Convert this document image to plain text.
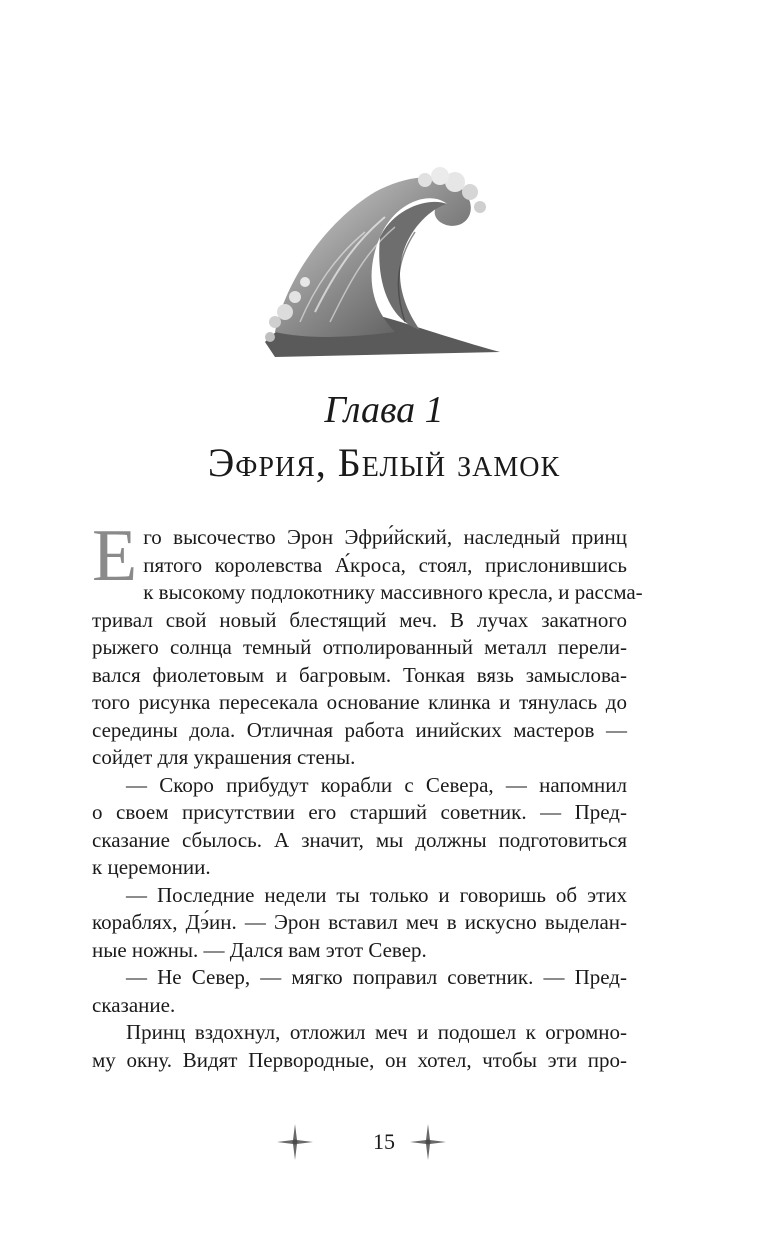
Глава 1
Эфрия, Белый замок
Е го высочество Эрон Эфри́йский, наследный принц
пятого королевства А́кроса, стоял, прислонившись
к высокому подлокотнику массивного кресла, и рассма-
тривал свой новый блестящий меч. В лучах закатного
рыжего солнца темный отполированный металл перели-
вался фиолетовым и багровым. Тонкая вязь замыслова-
того рисунка пересекала основание клинка и тянулась до
середины дола. Отличная работа инийских мастеров —
сойдет для украшения стены.
— Скоро прибудут корабли с Севера, — напомнил
о своем присутствии его старший советник. — Пред-
сказание сбылось. А значит, мы должны подготовиться
к церемонии.
— Последние недели ты только и говоришь об этих
кораблях, Дэ́ин. — Эрон вставил меч в искусно выделан-
ные ножны. — Дался вам этот Север.
— Не Север, — мягко поправил советник. — Пред-
сказание.
Принц вздохнул, отложил меч и подошел к огромно-
му окну. Видят Первородные, он хотел, чтобы эти про-
15
